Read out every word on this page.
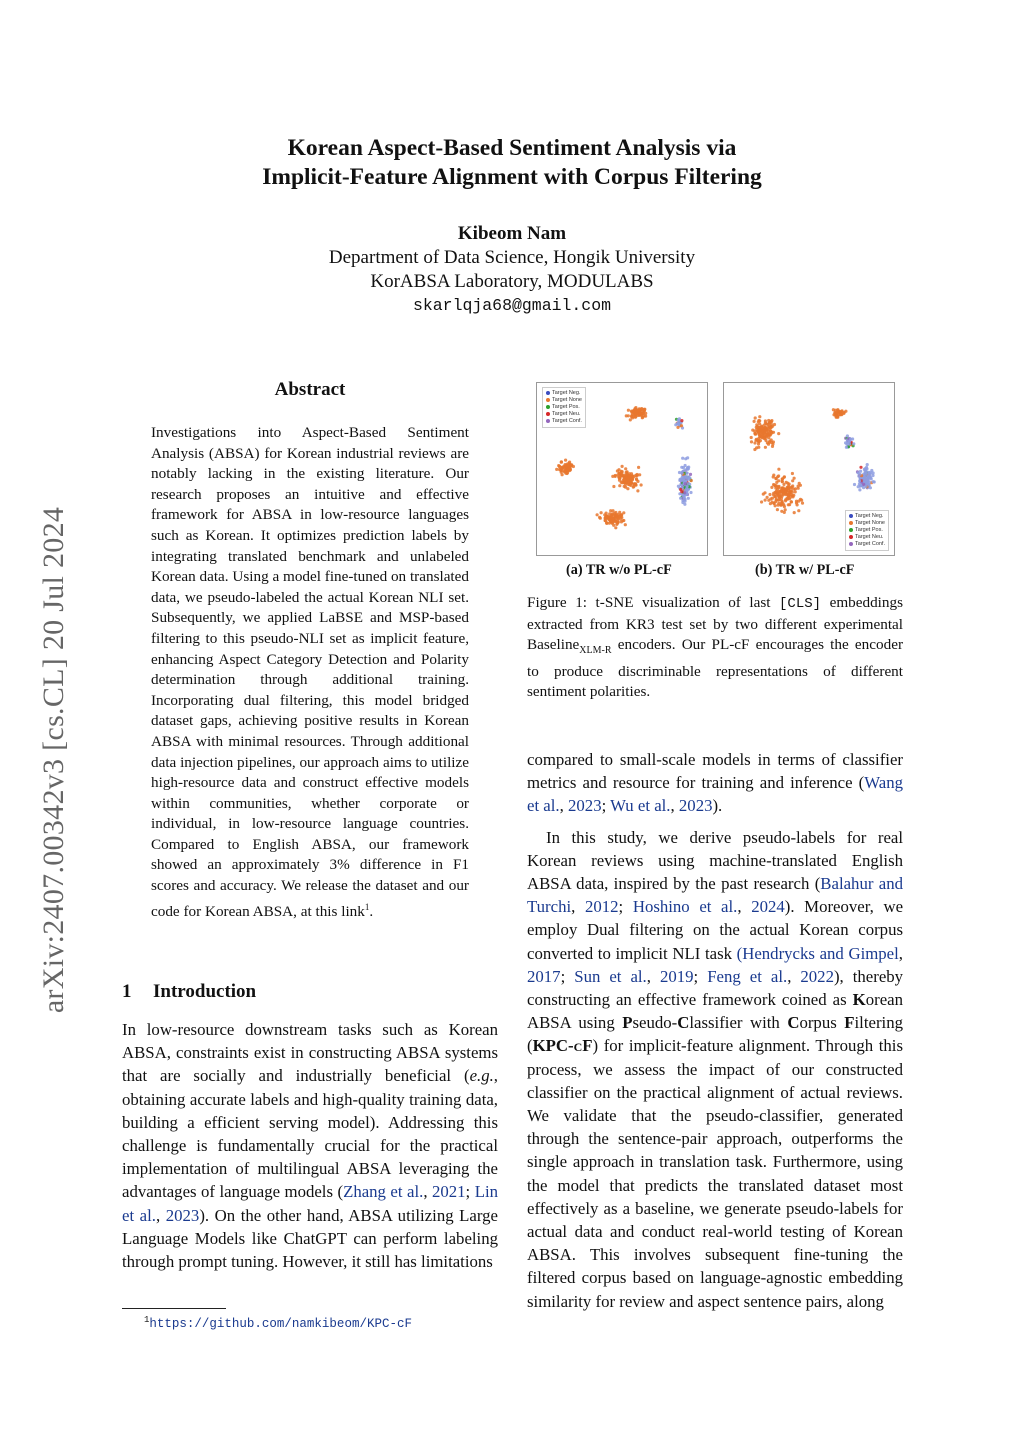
Korean Aspect-Based Sentiment Analysis via
Implicit-Feature Alignment with Corpus Filtering
Kibeom Nam
Department of Data Science, Hongik University
KorABSA Laboratory, MODULABS
skarlqja68@gmail.com
arXiv:2407.00342v3 [cs.CL] 20 Jul 2024
Abstract
Investigations into Aspect-Based Sentiment Analysis (ABSA) for Korean industrial reviews are notably lacking in the existing literature. Our research proposes an intuitive and effective framework for ABSA in low-resource languages such as Korean. It optimizes prediction labels by integrating translated benchmark and unlabeled Korean data. Using a model fine-tuned on translated data, we pseudo-labeled the actual Korean NLI set. Subsequently, we applied LaBSE and MSP-based filtering to this pseudo-NLI set as implicit feature, enhancing Aspect Category Detection and Polarity determination through additional training. Incorporating dual filtering, this model bridged dataset gaps, achieving positive results in Korean ABSA with minimal resources. Through additional data injection pipelines, our approach aims to utilize high-resource data and construct effective models within communities, whether corporate or individual, in low-resource language countries. Compared to English ABSA, our framework showed an approximately 3% difference in F1 scores and accuracy. We release the dataset and our code for Korean ABSA, at this link$^1$.
1 Introduction
In low-resource downstream tasks such as Korean ABSA, constraints exist in constructing ABSA systems that are socially and industrially beneficial (e.g., obtaining accurate labels and high-quality training data, building a efficient serving model). Addressing this challenge is fundamentally crucial for the practical implementation of multilingual ABSA leveraging the advantages of language models (Zhang et al., 2021; Lin et al., 2023). On the other hand, ABSA utilizing Large Language Models like ChatGPT can perform labeling through prompt tuning. However, it still has limitations
$^1$https://github.com/namkibeom/KPC-cF
Target Neg.
Target None
Target Pos.
Target Neu.
Target Conf.
Target Neg.
Target None
Target Pos.
Target Neu.
Target Conf.
(a) TR w/o PL-cF	(b) TR w/ PL-cF
Figure 1: t-SNE visualization of last [CLS] embeddings extracted from KR3 test set by two different experimental Baseline$_{XLM-R}$ encoders. Our PL-cF encourages the encoder to produce discriminable representations of different sentiment polarities.

compared to small-scale models in terms of classifier metrics and resource for training and inference (Wang et al., 2023; Wu et al., 2023).

In this study, we derive pseudo-labels for real Korean reviews using machine-translated English ABSA data, inspired by the past research (Balahur and Turchi, 2012; Hoshino et al., 2024). Moreover, we employ Dual filtering on the actual Korean corpus converted to implicit NLI task (Hendrycks and Gimpel, 2017; Sun et al., 2019; Feng et al., 2022), thereby constructing an effective framework coined as Korean ABSA using Pseudo-Classifier with Corpus Filtering (KPC-cF) for implicit-feature alignment. Through this process, we assess the impact of our constructed classifier on the practical alignment of actual reviews. We validate that the pseudo-classifier, generated through the sentence-pair approach, outperforms the single approach in translation task. Furthermore, using the model that predicts the translated dataset most effectively as a baseline, we generate pseudo-labels for actual data and conduct real-world testing of Korean ABSA. This involves subsequent fine-tuning the filtered corpus based on language-agnostic embedding similarity for review and aspect sentence pairs, along
